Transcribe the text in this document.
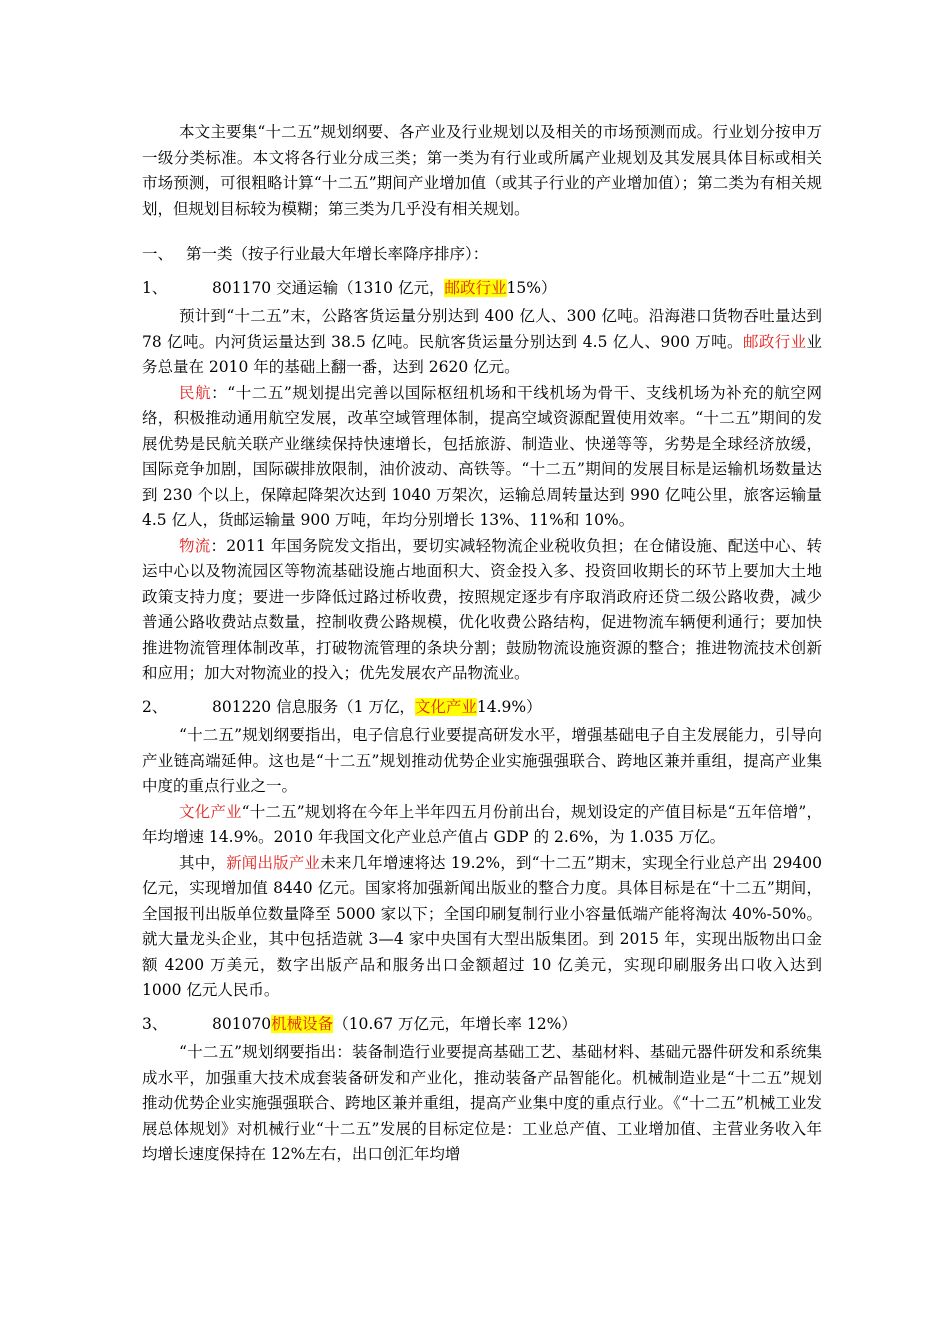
本文主要集“十二五”规划纲要、各产业及行业规划以及相关的市场预测而成。行业划分按申万一级分类标准。本文将各行业分成三类；第一类为有行业或所属产业规划及其发展具体目标或相关市场预测，可很粗略计算“十二五”期间产业增加值（或其子行业的产业增加值）；第二类为有相关规划，但规划目标较为模糊；第三类为几乎没有相关规划。

一、 第一类（按子行业最大年增长率降序排序）：

1、	801170 交通运输（1310 亿元，邮政行业15%）

预计到“十二五”末，公路客货运量分别达到 400 亿人、300 亿吨。沿海港口货物吞吐量达到 78 亿吨。内河货运量达到 38.5 亿吨。民航客货运量分别达到 4.5 亿人、900 万吨。邮政行业业务总量在 2010 年的基础上翻一番，达到 2620 亿元。

民航：“十二五”规划提出完善以国际枢纽机场和干线机场为骨干、支线机场为补充的航空网络，积极推动通用航空发展，改革空域管理体制，提高空域资源配置使用效率。“十二五”期间的发展优势是民航关联产业继续保持快速增长，包括旅游、制造业、快递等等，劣势是全球经济放缓，国际竞争加剧，国际碳排放限制，油价波动、高铁等。“十二五”期间的发展目标是运输机场数量达到 230 个以上，保障起降架次达到 1040 万架次，运输总周转量达到 990 亿吨公里，旅客运输量 4.5 亿人，货邮运输量 900 万吨，年均分别增长 13%、11%和 10%。

物流：2011 年国务院发文指出，要切实减轻物流企业税收负担；在仓储设施、配送中心、转运中心以及物流园区等物流基础设施占地面积大、资金投入多、投资回收期长的环节上要加大土地政策支持力度；要进一步降低过路过桥收费，按照规定逐步有序取消政府还贷二级公路收费，减少普通公路收费站点数量，控制收费公路规模，优化收费公路结构，促进物流车辆便利通行；要加快推进物流管理体制改革，打破物流管理的条块分割；鼓励物流设施资源的整合；推进物流技术创新和应用；加大对物流业的投入；优先发展农产品物流业。

2、	801220 信息服务（1 万亿，文化产业14.9%）

“十二五”规划纲要指出，电子信息行业要提高研发水平，增强基础电子自主发展能力，引导向产业链高端延伸。这也是“十二五”规划推动优势企业实施强强联合、跨地区兼并重组，提高产业集中度的重点行业之一。

文化产业“十二五”规划将在今年上半年四五月份前出台，规划设定的产值目标是“五年倍增”，年均增速 14.9%。2010 年我国文化产业总产值占 GDP 的 2.6%，为 1.035 万亿。

其中，新闻出版产业未来几年增速将达 19.2%，到“十二五”期末，实现全行业总产出 29400 亿元，实现增加值 8440 亿元。国家将加强新闻出版业的整合力度。具体目标是在“十二五”期间，全国报刊出版单位数量降至 5000 家以下；全国印刷复制行业小容量低端产能将淘汰 40%-50%。就大量龙头企业，其中包括造就 3—4 家中央国有大型出版集团。到 2015 年，实现出版物出口金额 4200 万美元，数字出版产品和服务出口金额超过 10 亿美元，实现印刷服务出口收入达到 1000 亿元人民币。

3、	801070机械设备（10.67 万亿元，年增长率 12%）

“十二五”规划纲要指出：装备制造行业要提高基础工艺、基础材料、基础元器件研发和系统集成水平，加强重大技术成套装备研发和产业化，推动装备产品智能化。机械制造业是“十二五”规划推动优势企业实施强强联合、跨地区兼并重组，提高产业集中度的重点行业。《“十二五”机械工业发展总体规划》对机械行业“十二五”发展的目标定位是：工业总产值、工业增加值、主营业务收入年均增长速度保持在 12%左右，出口创汇年均增
